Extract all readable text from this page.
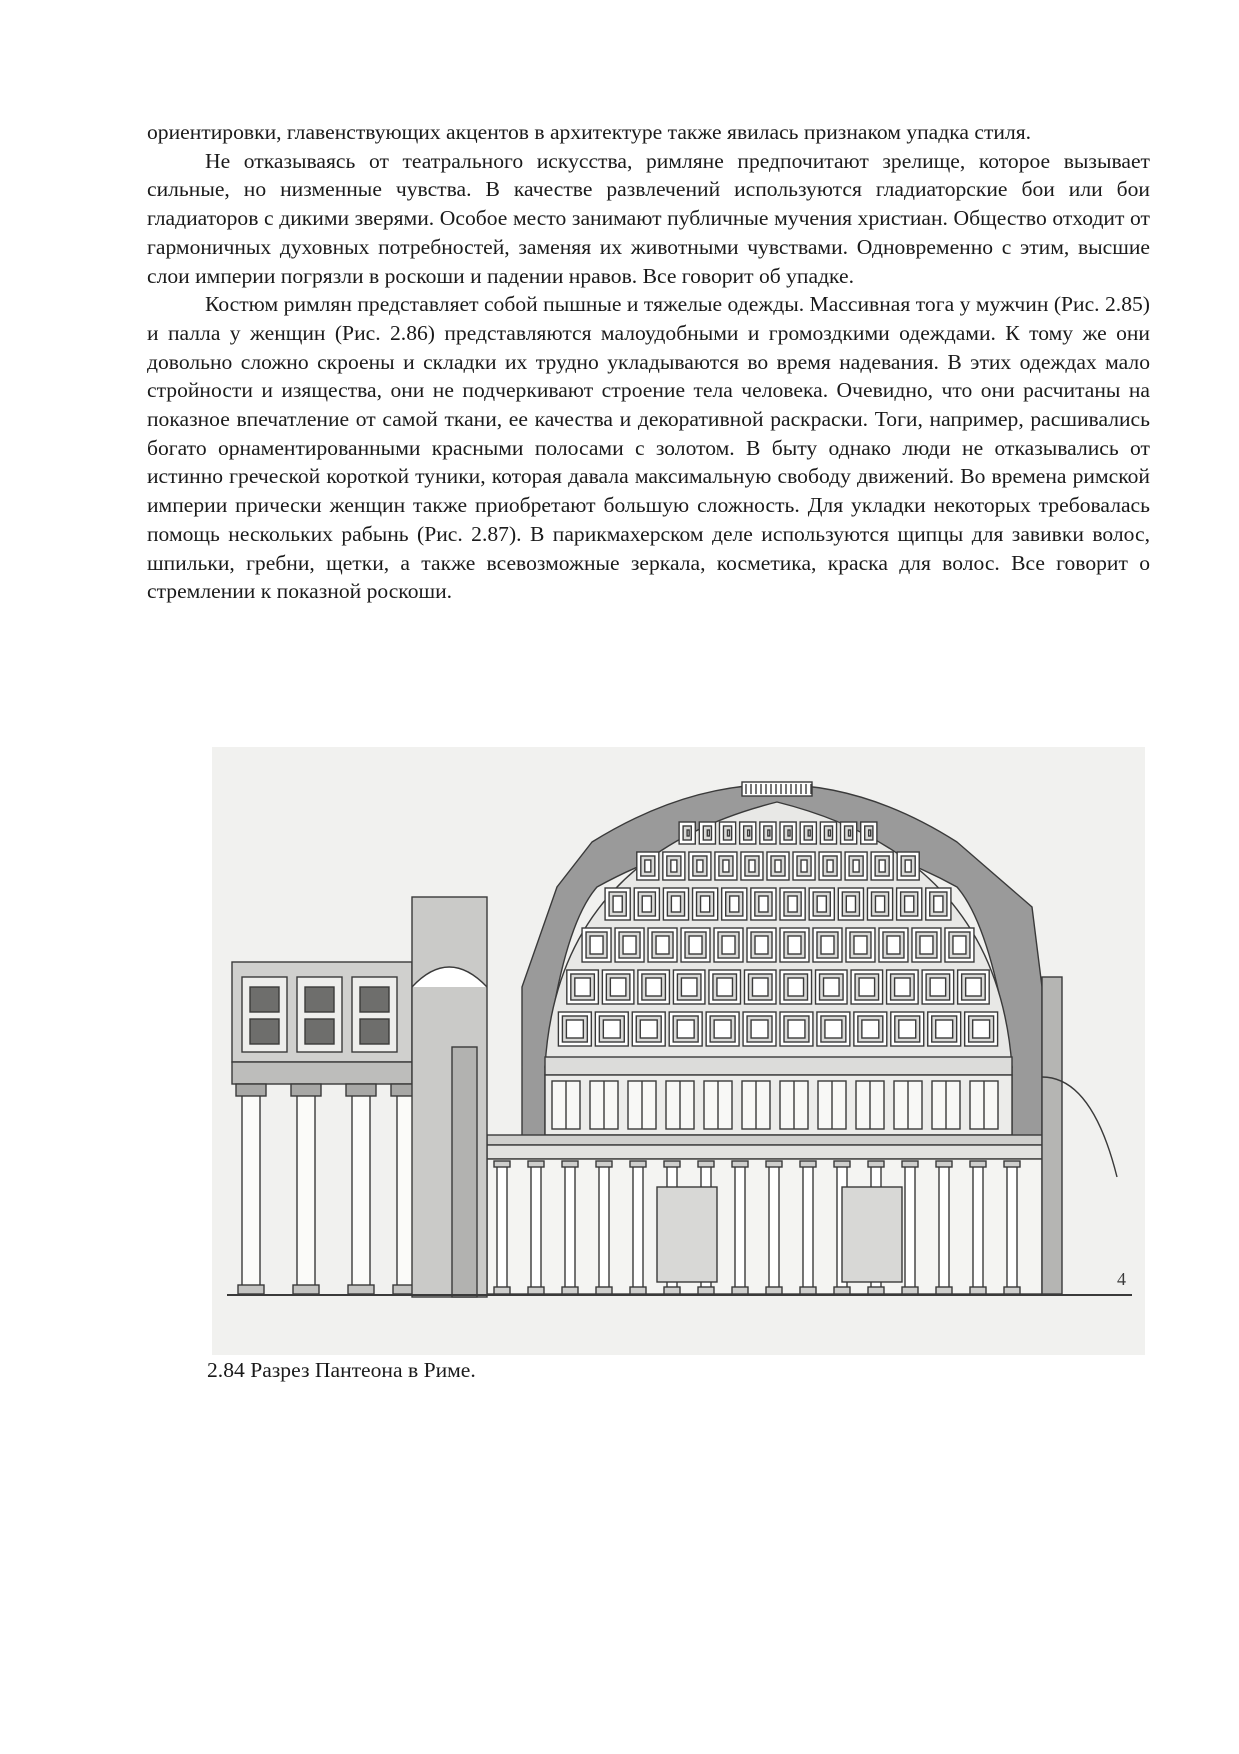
ориентировки, главенствующих акцентов в архитектуре также явилась признаком упадка стиля.

Не отказываясь от театрального искусства, римляне предпочитают зрелище, которое вызывает сильные, но низменные чувства. В качестве развлечений используются гладиаторские бои или бои гладиаторов с дикими зверями. Особое место занимают публичные мучения христиан. Общество отходит от гармоничных духовных потребностей, заменяя их животными чувствами. Одновременно с этим, высшие слои империи погрязли в роскоши и падении нравов. Все говорит об упадке.

Костюм римлян представляет собой пышные и тяжелые одежды. Массивная тога у мужчин (Рис. 2.85) и палла у женщин (Рис. 2.86) представляются малоудобными и громоздкими одеждами. К тому же они довольно сложно скроены и складки их трудно укладываются во время надевания. В этих одеждах мало стройности и изящества, они не подчеркивают строение тела человека. Очевидно, что они расчитаны на показное впечатление от самой ткани, ее качества и декоративной раскраски. Тоги, например, расшивались богато орнаментированными красными полосами с золотом. В быту однако люди не отказывались от истинно греческой короткой туники, которая давала максимальную свободу движений. Во времена римской империи прически женщин также приобретают большую сложность. Для укладки некоторых требовалась помощь нескольких рабынь (Рис. 2.87). В парикмахерском деле используются щипцы для завивки волос, шпильки, гребни, щетки, а также всевозможные зеркала, косметика, краска для волос. Все говорит о стремлении к показной роскоши.

4
2.84 Разрез Пантеона в Риме.
